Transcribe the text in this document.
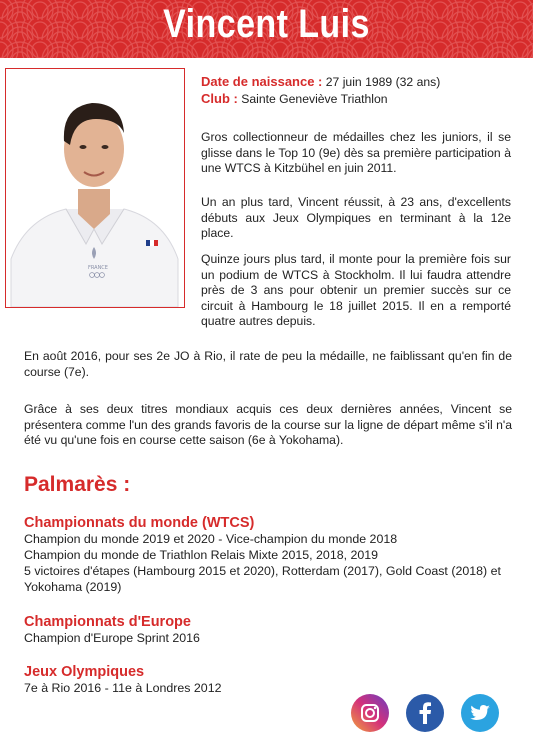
Vincent Luis
FRANCE
Date de naissance : 27 juin 1989 (32 ans)
Club : Sainte Geneviève Triathlon

Gros collectionneur de médailles chez les juniors, il se glisse dans le Top 10 (9e) dès sa première participation à une WTCS à Kitzbühel en juin 2011.

Un an plus tard, Vincent réussit, à 23 ans, d'excellents débuts aux Jeux Olympiques en terminant à la 12e place.

Quinze jours plus tard, il monte pour la première fois sur un podium de WTCS à Stockholm. Il lui faudra attendre près de 3 ans pour obtenir un premier succès sur ce circuit à Hambourg le 18 juillet 2015. Il en a remporté quatre autres depuis.

En août 2016, pour ses 2e JO à Rio, il rate de peu la médaille, ne faiblissant qu'en fin de course (7e).

Grâce à ses deux titres mondiaux acquis ces deux dernières années, Vincent se présentera comme l'un des grands favoris de la course sur la ligne de départ même s'il n'a été vu qu'une fois en course cette saison (6e à Yokohama).

Palmarès :

Championnats du monde (WTCS)

Champion du monde 2019 et 2020 - Vice-champion du monde 2018

Champion du monde de Triathlon Relais Mixte 2015, 2018, 2019

5 victoires d'étapes (Hambourg 2015 et 2020), Rotterdam (2017), Gold Coast (2018) et Yokohama (2019)

Championnats d'Europe

Champion d'Europe Sprint 2016

Jeux Olympiques

7e à Rio 2016 - 11e à Londres 2012
